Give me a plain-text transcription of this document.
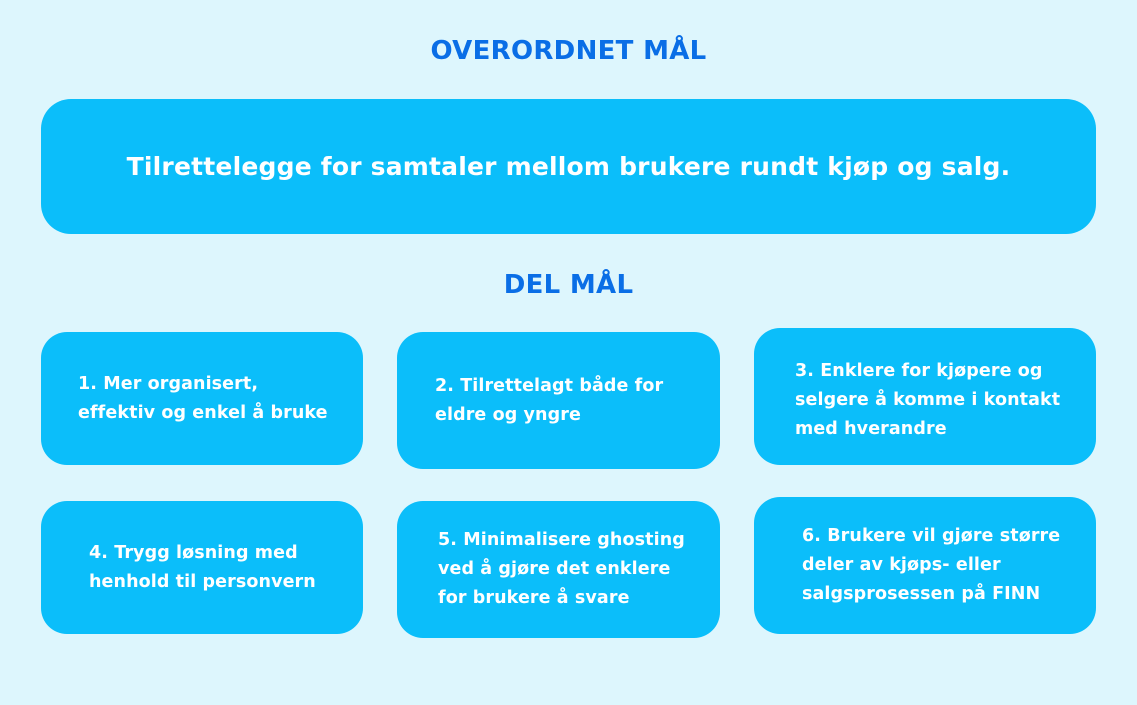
OVERORDNET MÅL
Tilrettelegge for samtaler mellom brukere rundt kjøp og salg.
DEL MÅL
1. Mer organisert,
effektiv og enkel å bruke
2. Tilrettelagt både for
eldre og yngre
3. Enklere for kjøpere og
selgere å komme i kontakt
med hverandre
4. Trygg løsning med
henhold til personvern
5. Minimalisere ghosting
ved å gjøre det enklere
for brukere å svare
6. Brukere vil gjøre større
deler av kjøps- eller
salgsprosessen på FINN
